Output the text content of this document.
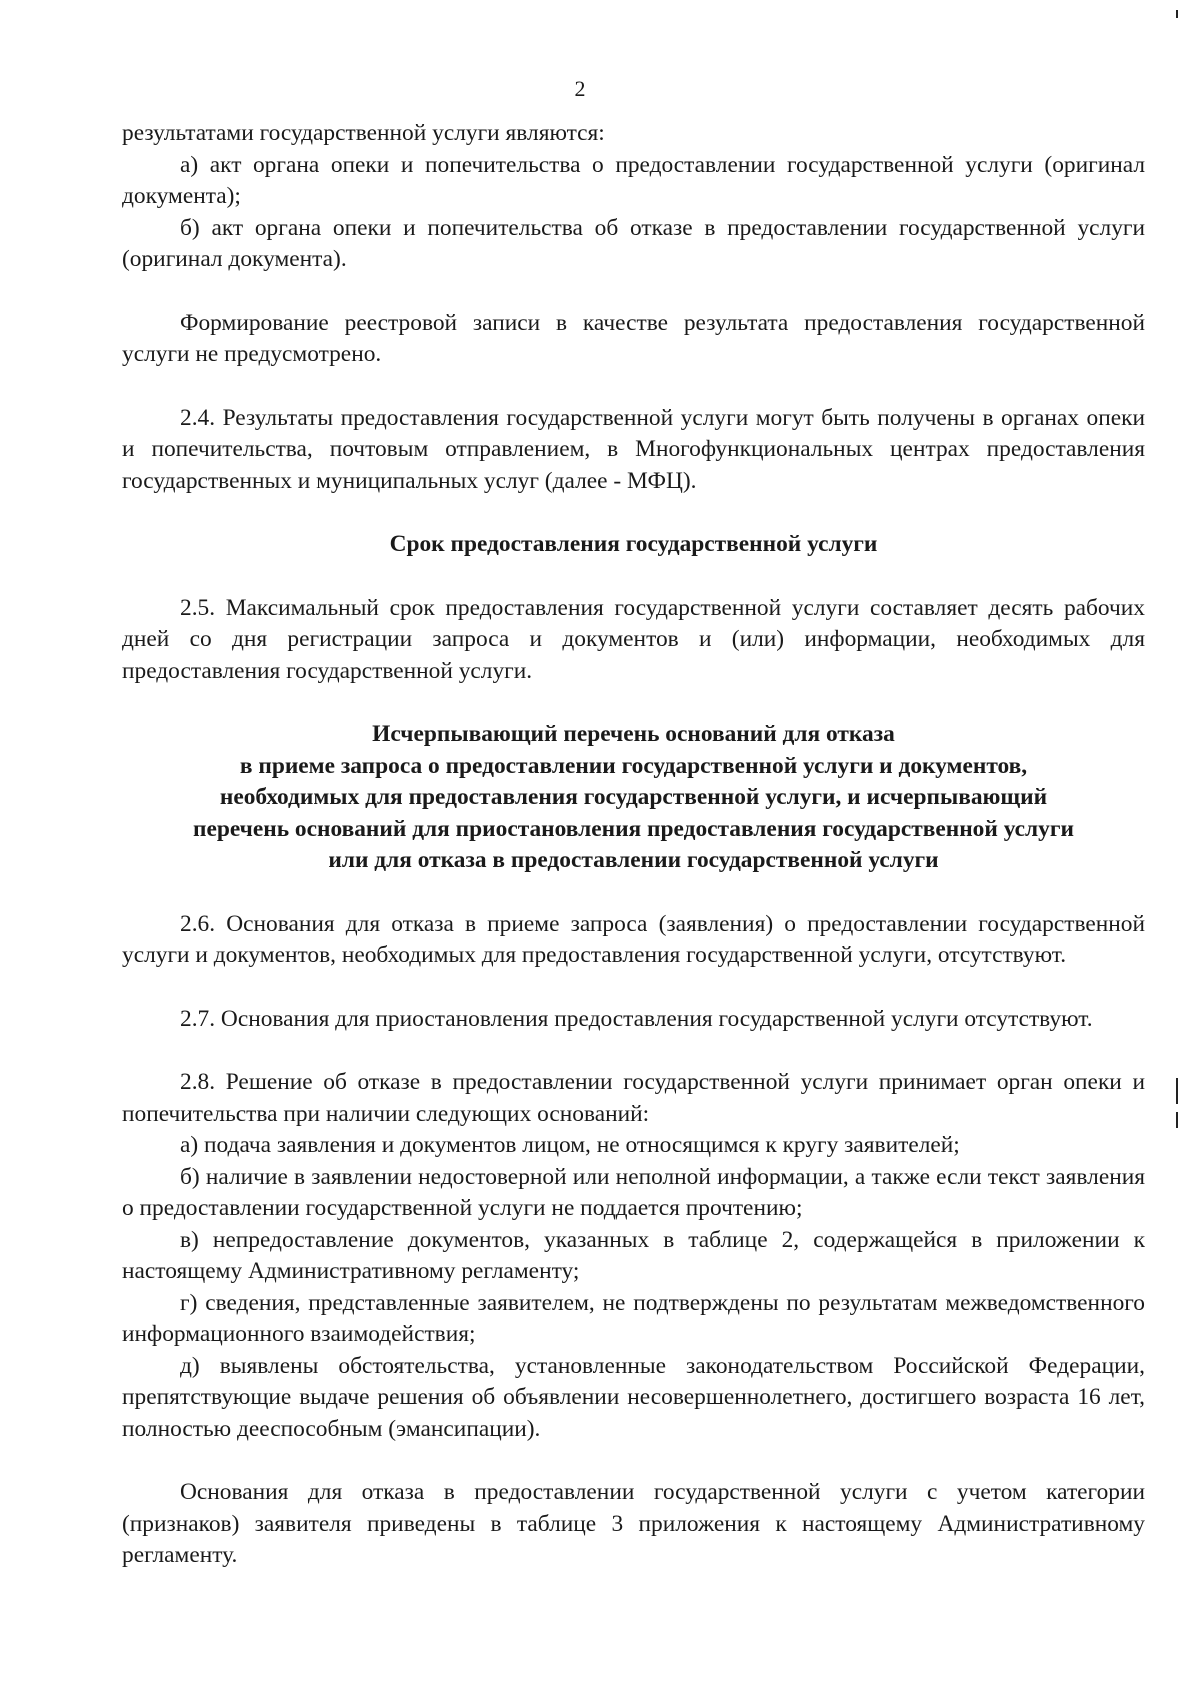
2

результатами государственной услуги являются:

а) акт органа опеки и попечительства о предоставлении государственной услуги (оригинал документа);

б) акт органа опеки и попечительства об отказе в предоставлении государственной услуги (оригинал документа).

Формирование реестровой записи в качестве результата предоставления государственной услуги не предусмотрено.

2.4. Результаты предоставления государственной услуги могут быть получены в органах опеки и попечительства, почтовым отправлением, в Многофункциональных центрах предоставления государственных и муниципальных услуг (далее - МФЦ).

Срок предоставления государственной услуги

2.5. Максимальный срок предоставления государственной услуги составляет десять рабочих дней со дня регистрации запроса и документов и (или) информации, необходимых для предоставления государственной услуги.

Исчерпывающий перечень оснований для отказа
в приеме запроса о предоставлении государственной услуги и документов,
необходимых для предоставления государственной услуги, и исчерпывающий
перечень оснований для приостановления предоставления государственной услуги
или для отказа в предоставлении государственной услуги

2.6. Основания для отказа в приеме запроса (заявления) о предоставлении государственной услуги и документов, необходимых для предоставления государственной услуги, отсутствуют.

2.7. Основания для приостановления предоставления государственной услуги отсутствуют.

2.8. Решение об отказе в предоставлении государственной услуги принимает орган опеки и попечительства при наличии следующих оснований:

а) подача заявления и документов лицом, не относящимся к кругу заявителей;

б) наличие в заявлении недостоверной или неполной информации, а также если текст заявления о предоставлении государственной услуги не поддается прочтению;

в) непредоставление документов, указанных в таблице 2, содержащейся в приложении к настоящему Административному регламенту;

г) сведения, представленные заявителем, не подтверждены по результатам межведомственного информационного взаимодействия;

д) выявлены обстоятельства, установленные законодательством Российской Федерации, препятствующие выдаче решения об объявлении несовершеннолетнего, достигшего возраста 16 лет, полностью дееспособным (эмансипации).

Основания для отказа в предоставлении государственной услуги с учетом категории (признаков) заявителя приведены в таблице 3 приложения к настоящему Административному регламенту.
